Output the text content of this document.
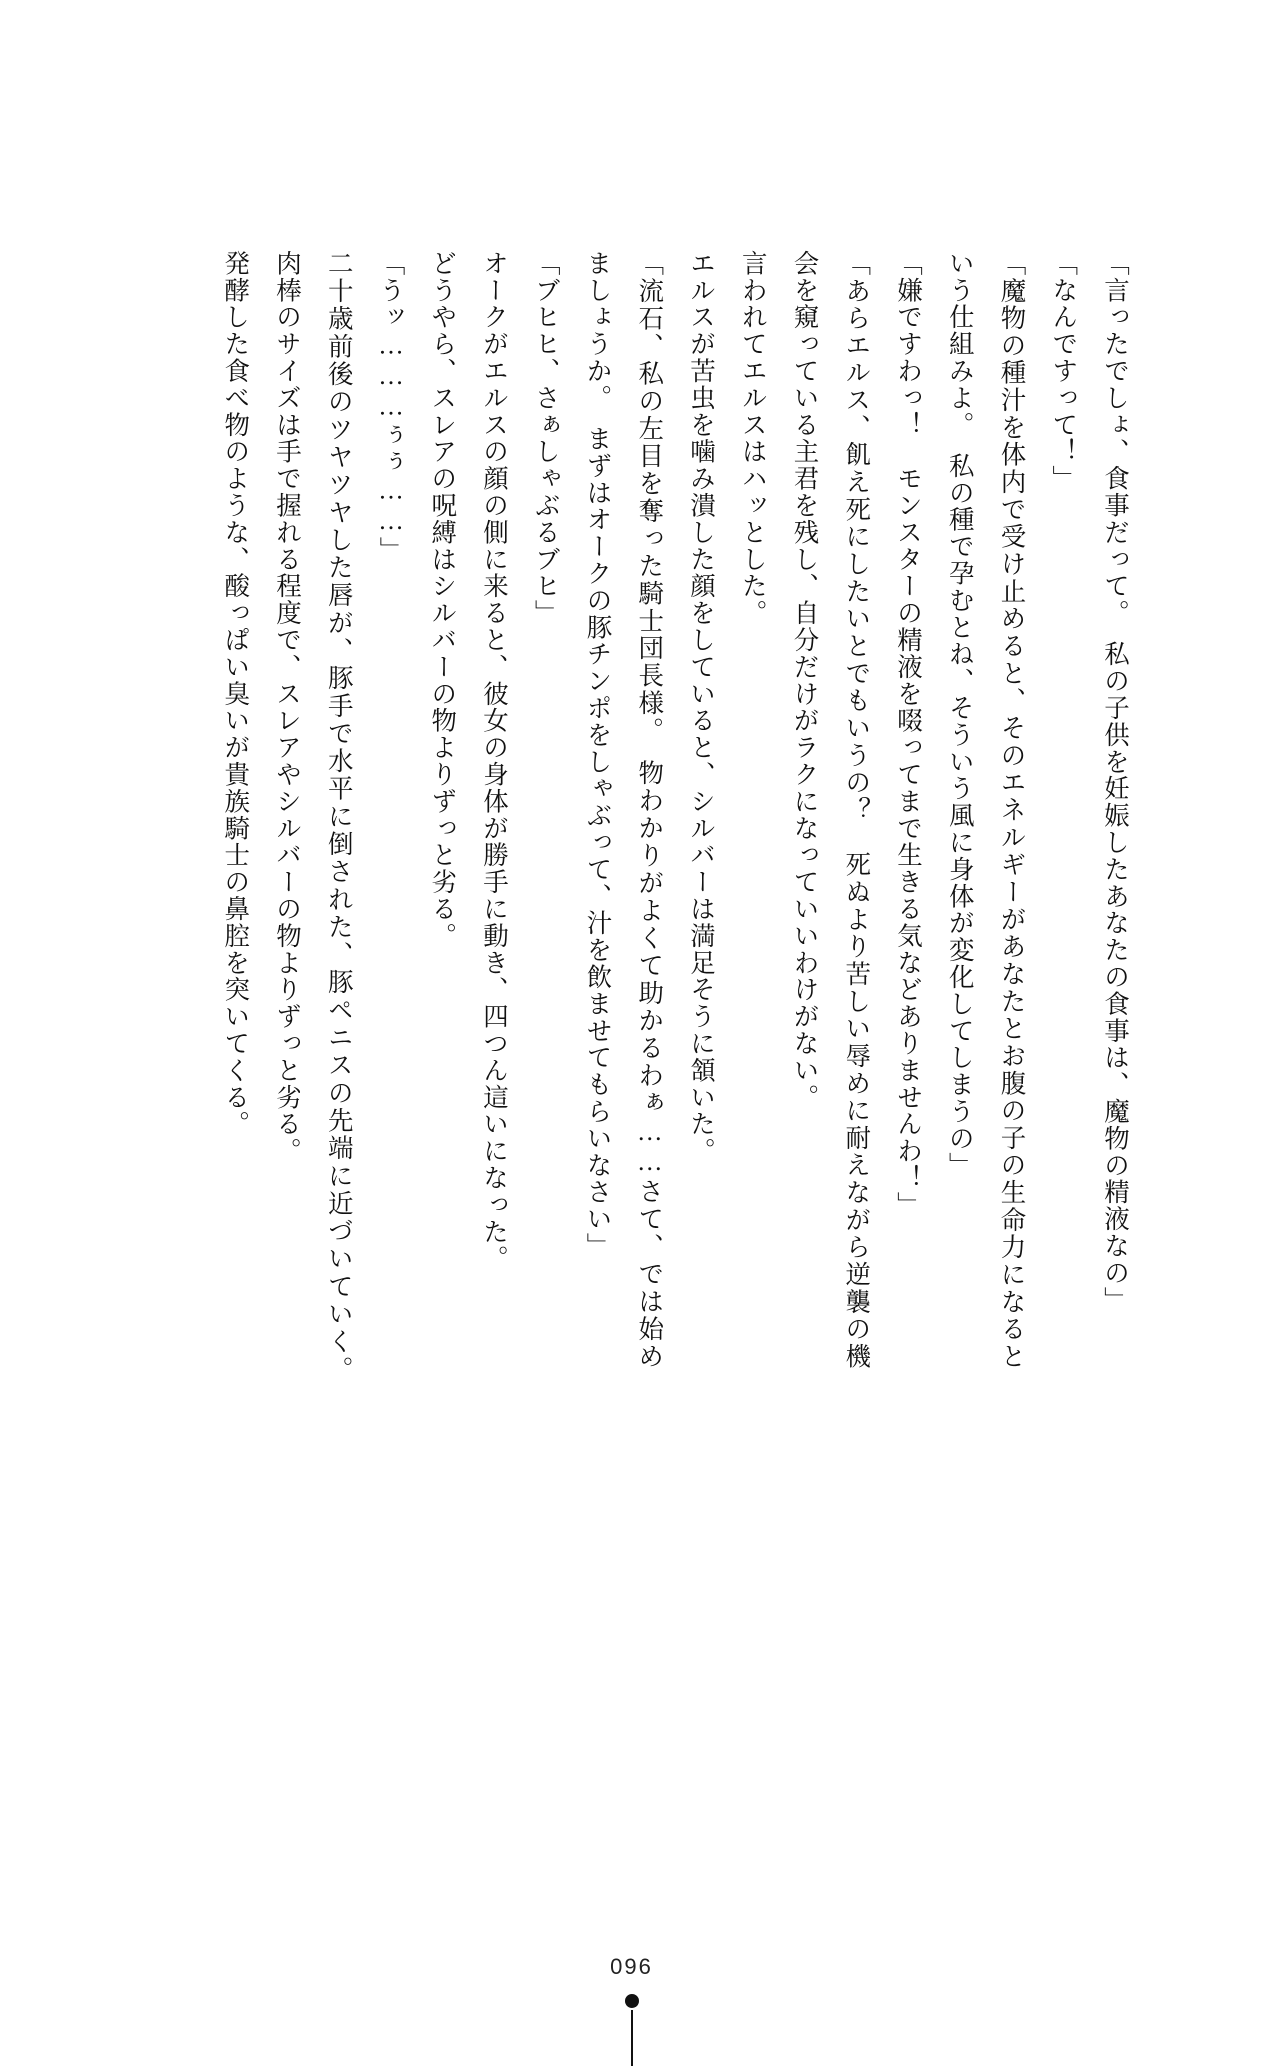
「言ったでしょ、食事だって。　私の子供を妊娠したあなたの食事は、魔物の精液なの」

「なんですって！」

「魔物の種汁を体内で受け止めると、そのエネルギーがあなたとお腹の子の生命力になるという仕組みよ。　私の種で孕むとね、そういう風に身体が変化してしまうの」

「嫌ですわっ！　モンスターの精液を啜ってまで生きる気などありませんわ！」

「あらエルス、飢え死にしたいとでもいうの？　死ぬより苦しい辱めに耐えながら逆襲の機会を窺っている主君を残し、自分だけがラクになっていいわけがない。

言われてエルスはハッとした。

エルスが苦虫を噛み潰した顔をしていると、シルバーは満足そうに頷いた。

「流石、私の左目を奪った騎士団長様。　物わかりがよくて助かるわぁ……さて、では始めましょうか。　まずはオークの豚チンポをしゃぶって、汁を飲ませてもらいなさい」

「ブヒヒ、さぁしゃぶるブヒ」

オークがエルスの顔の側に来ると、彼女の身体が勝手に動き、四つん這いになった。

どうやら、スレアの呪縛はシルバーの物よりずっと劣る。

「うッ………ぅぅ……」

二十歳前後のツヤツヤした唇が、豚手で水平に倒された、豚ペニスの先端に近づいていく。　肉棒のサイズは手で握れる程度で、スレアやシルバーの物よりずっと劣る。

発酵した食べ物のような、酸っぱい臭いが貴族騎士の鼻腔を突いてくる。

096
